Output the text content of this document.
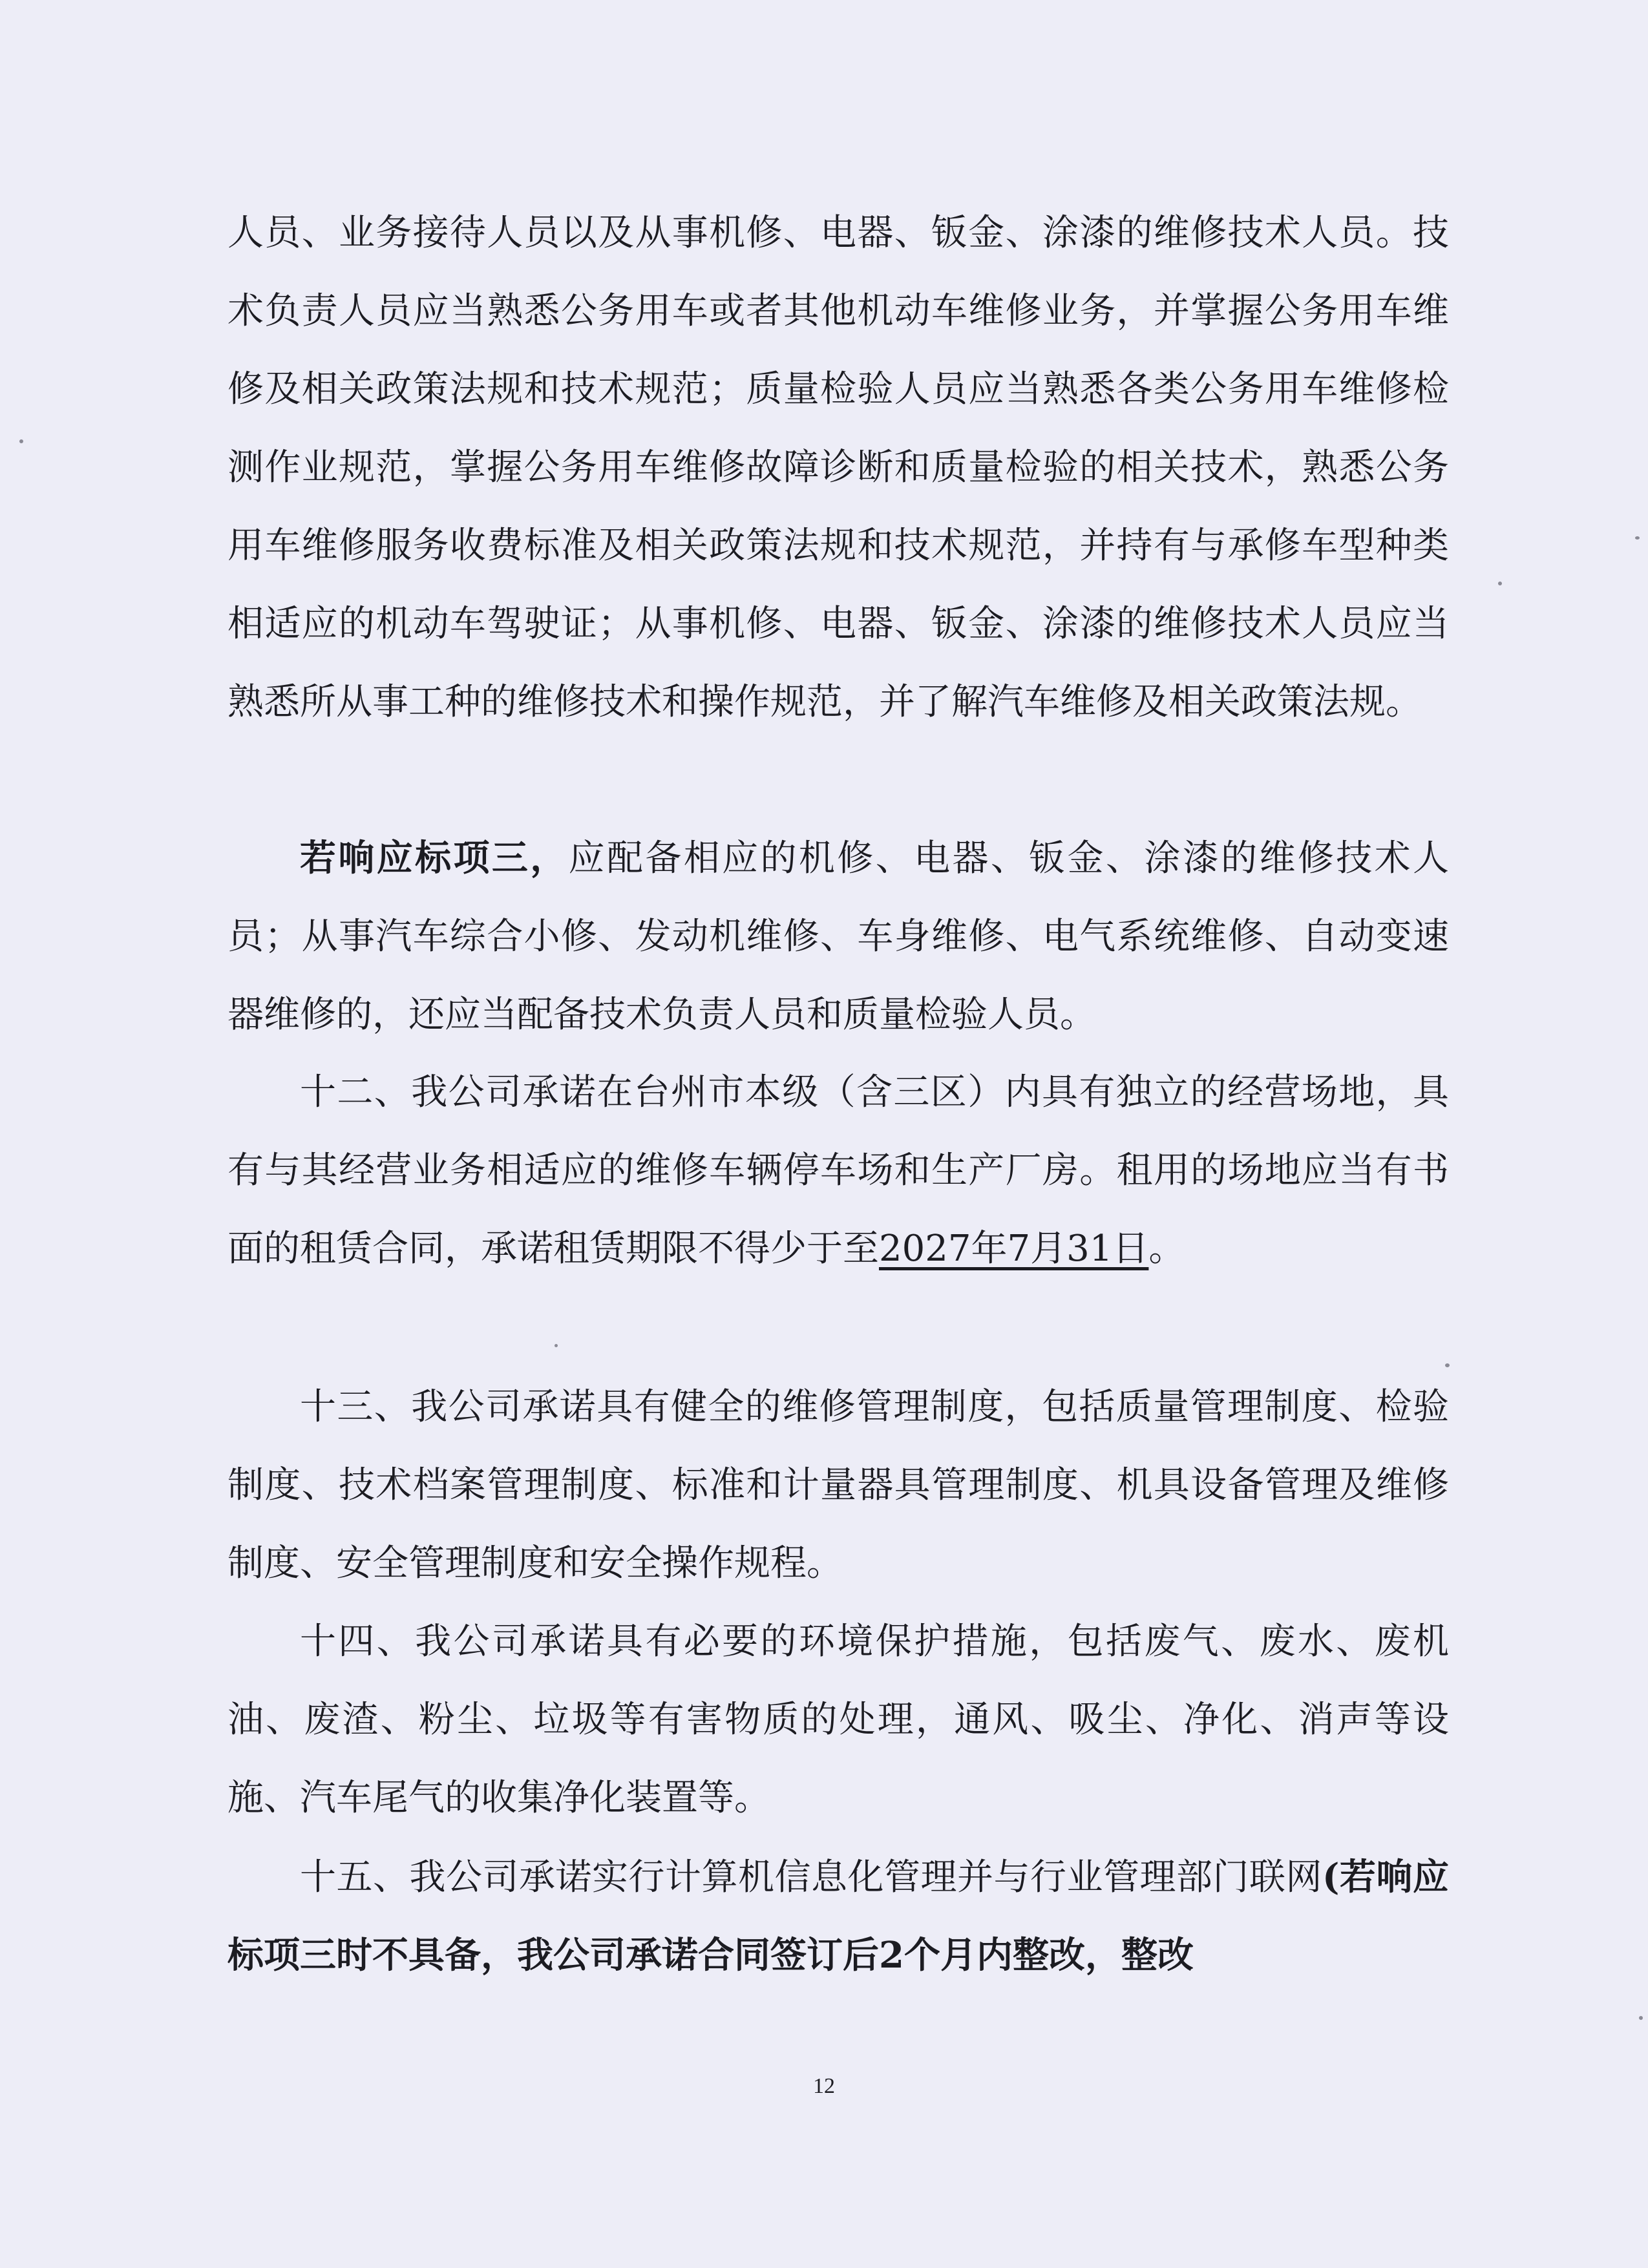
人员、业务接待人员以及从事机修、电器、钣金、涂漆的维修技术人员。技术负责人员应当熟悉公务用车或者其他机动车维修业务，并掌握公务用车维修及相关政策法规和技术规范；质量检验人员应当熟悉各类公务用车维修检测作业规范，掌握公务用车维修故障诊断和质量检验的相关技术，熟悉公务用车维修服务收费标准及相关政策法规和技术规范，并持有与承修车型种类相适应的机动车驾驶证；从事机修、电器、钣金、涂漆的维修技术人员应当熟悉所从事工种的维修技术和操作规范，并了解汽车维修及相关政策法规。

若响应标项三，应配备相应的机修、电器、钣金、涂漆的维修技术人员；从事汽车综合小修、发动机维修、车身维修、电气系统维修、自动变速器维修的，还应当配备技术负责人员和质量检验人员。

十二、我公司承诺在台州市本级（含三区）内具有独立的经营场地，具有与其经营业务相适应的维修车辆停车场和生产厂房。租用的场地应当有书面的租赁合同，承诺租赁期限不得少于至2027年7月31日。

十三、我公司承诺具有健全的维修管理制度，包括质量管理制度、检验制度、技术档案管理制度、标准和计量器具管理制度、机具设备管理及维修制度、安全管理制度和安全操作规程。

十四、我公司承诺具有必要的环境保护措施，包括废气、废水、废机油、废渣、粉尘、垃圾等有害物质的处理，通风、吸尘、净化、消声等设施、汽车尾气的收集净化装置等。

十五、我公司承诺实行计算机信息化管理并与行业管理部门联网(若响应标项三时不具备，我公司承诺合同签订后2个月内整改，整改

12
